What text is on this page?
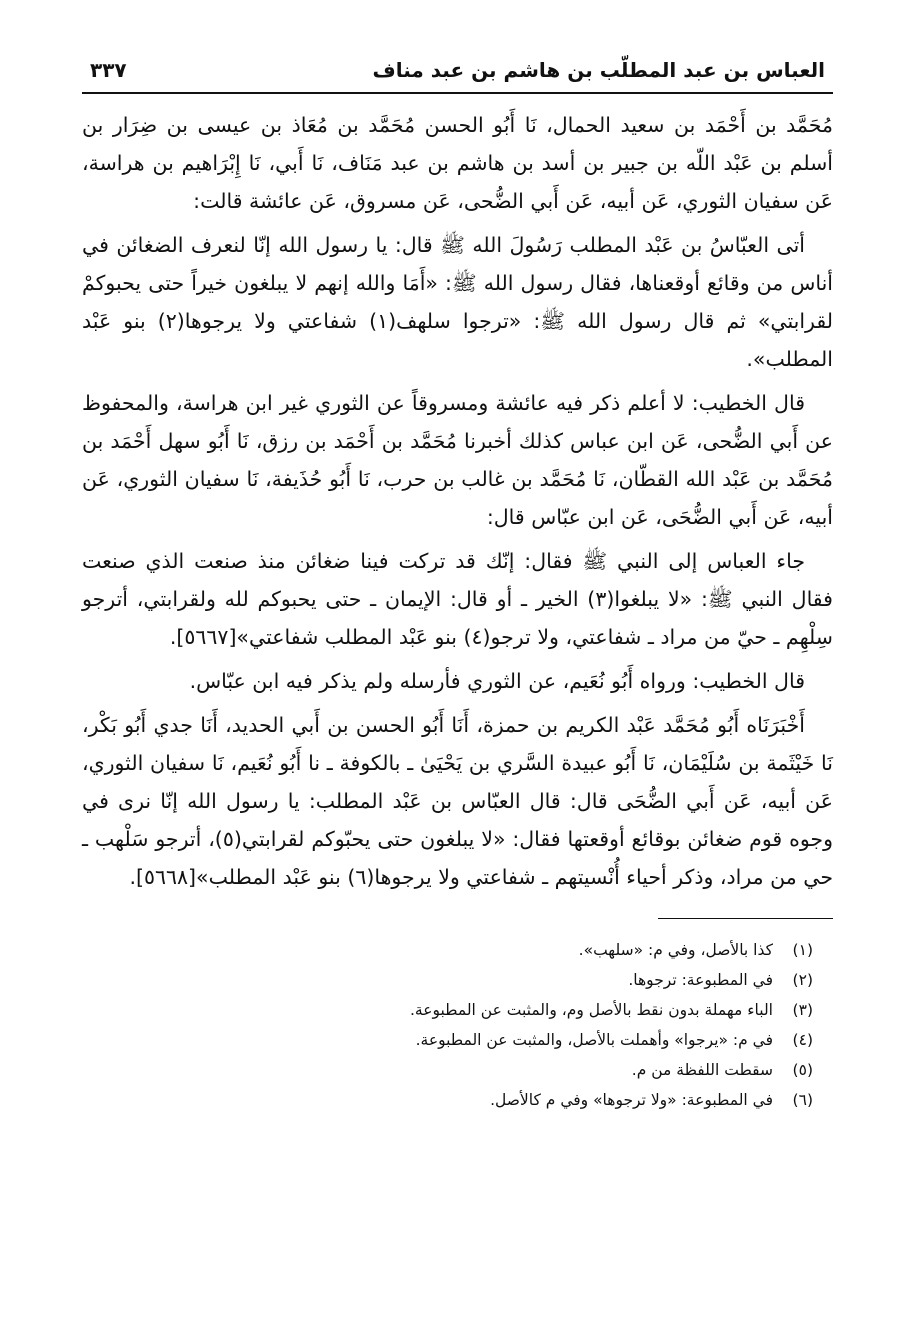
العباس بن عبد المطلّب بن هاشم بن عبد مناف
٣٣٧

مُحَمَّد بن أَحْمَد بن سعيد الحمال، نَا أَبُو الحسن مُحَمَّد بن مُعَاذ بن عيسى بن ضِرَار بن أسلم بن عَبْد اللّه بن جبير بن أسد بن هاشم بن عبد مَنَاف، نَا أَبي، نَا إِبْرَاهيم بن هراسة، عَن سفيان الثوري، عَن أبيه، عَن أَبي الضُّحى، عَن مسروق، عَن عائشة قالت:

أتى العبّاسُ بن عَبْد المطلب رَسُولَ الله ﷺ قال: يا رسول الله إنّا لنعرف الضغائن في أناس من وقائع أوقعناها، فقال رسول الله ﷺ: «أَمَا والله إنهم لا يبلغون خيراً حتى يحبوكمْ لقرابتي» ثم قال رسول الله ﷺ: «ترجوا سلهف(١) شفاعتي ولا يرجوها(٢) بنو عَبْد المطلب».

قال الخطيب: لا أعلم ذكر فيه عائشة ومسروقاً عن الثوري غير ابن هراسة، والمحفوظ عن أَبي الضُّحى، عَن ابن عباس كذلك أخبرنا مُحَمَّد بن أَحْمَد بن رزق، نَا أَبُو سهل أَحْمَد بن مُحَمَّد بن عَبْد الله القطّان، نَا مُحَمَّد بن غالب بن حرب، نَا أَبُو حُذَيفة، نَا سفيان الثوري، عَن أبيه، عَن أَبي الضُّحَى، عَن ابن عبّاس قال:

جاء العباس إلى النبي ﷺ فقال: إنّك قد تركت فينا ضغائن منذ صنعت الذي صنعت فقال النبي ﷺ: «لا يبلغوا(٣) الخير ـ أو قال: الإيمان ـ حتى يحبوكم لله ولقرابتي، أترجو سِلْهِم ـ حيّ من مراد ـ شفاعتي، ولا ترجو(٤) بنو عَبْد المطلب شفاعتي»[٥٦٦٧].

قال الخطيب: ورواه أَبُو نُعَيم، عن الثوري فأرسله ولم يذكر فيه ابن عبّاس.

أَخْبَرَنَاه أَبُو مُحَمَّد عَبْد الكريم بن حمزة، أَنَا أَبُو الحسن بن أَبي الحديد، أَنَا جدي أَبُو بَكْر، نَا خَيْثَمة بن سُلَيْمَان، نَا أَبُو عبيدة السَّري بن يَحْيَىٰ ـ بالكوفة ـ نا أَبُو نُعَيم، نَا سفيان الثوري، عَن أبيه، عَن أَبي الضُّحَى قال: قال العبّاس بن عَبْد المطلب: يا رسول الله إنّا نرى في وجوه قوم ضغائن بوقائع أوقعتها فقال: «لا يبلغون حتى يحبّوكم لقرابتي(٥)، أترجو سَلْهب ـ حي من مراد، وذكر أحياء أُنْسيتهم ـ شفاعتي ولا يرجوها(٦) بنو عَبْد المطلب»[٥٦٦٨].

(١)
كذا بالأصل، وفي م: «سلهب».
(٢)
في المطبوعة: ترجوها.
(٣)
الباء مهملة بدون نقط بالأصل وم، والمثبت عن المطبوعة.
(٤)
في م: «يرجوا» وأهملت بالأصل، والمثبت عن المطبوعة.
(٥)
سقطت اللفظة من م.
(٦)
في المطبوعة: «ولا ترجوها» وفي م كالأصل.
